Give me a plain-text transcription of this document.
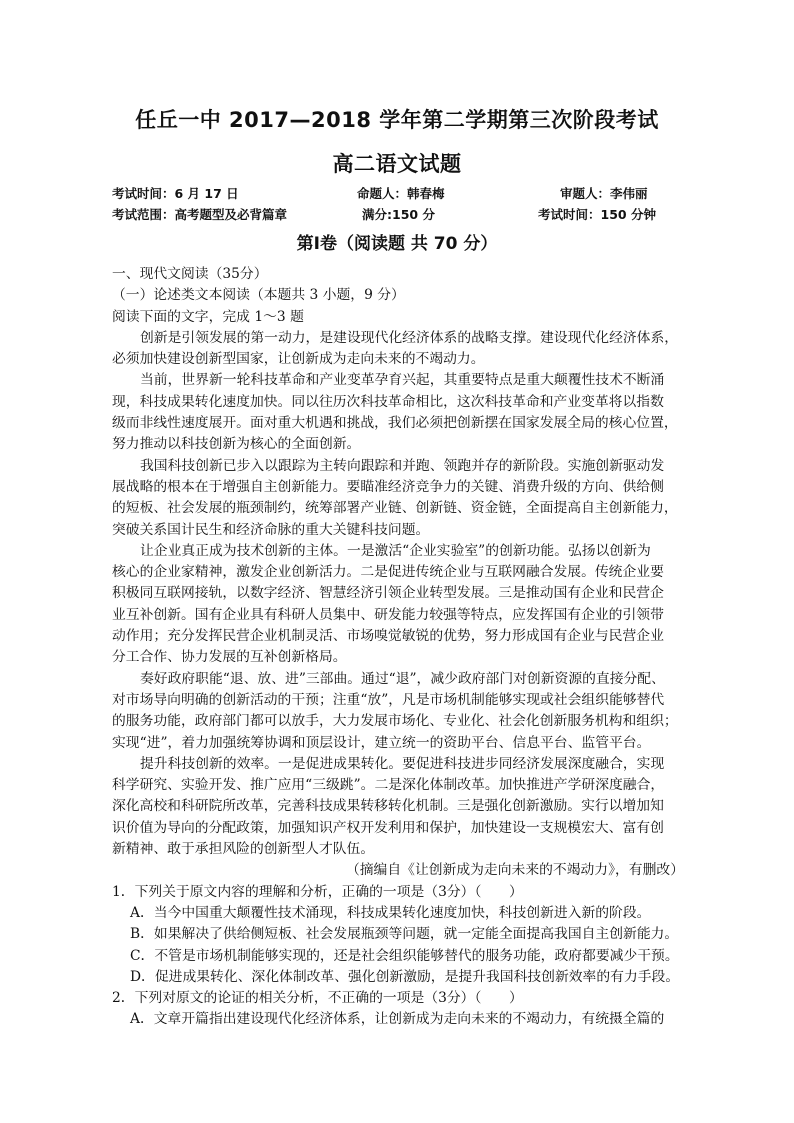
任丘一中 2017—2018 学年第二学期第三次阶段考试
高二语文试题
考试时间：6 月 17 日	命题人：韩春梅	审题人：李伟丽
考试范围：高考题型及必背篇章	满分:150 分	考试时间：150 分钟
第Ⅰ卷（阅读题 共 70 分）
一、现代文阅读（35分）
（一）论述类文本阅读（本题共 3 小题，9 分）
阅读下面的文字，完成 1～3 题
创新是引领发展的第一动力，是建设现代化经济体系的战略支撑。建设现代化经济体系，
必须加快建设创新型国家，让创新成为走向未来的不竭动力。
当前，世界新一轮科技革命和产业变革孕育兴起，其重要特点是重大颠覆性技术不断涌
现，科技成果转化速度加快。同以往历次科技革命相比，这次科技革命和产业变革将以指数
级而非线性速度展开。面对重大机遇和挑战，我们必须把创新摆在国家发展全局的核心位置，
努力推动以科技创新为核心的全面创新。
我国科技创新已步入以跟踪为主转向跟踪和并跑、领跑并存的新阶段。实施创新驱动发
展战略的根本在于增强自主创新能力。要瞄准经济竞争力的关键、消费升级的方向、供给侧
的短板、社会发展的瓶颈制约，统筹部署产业链、创新链、资金链，全面提高自主创新能力，
突破关系国计民生和经济命脉的重大关键科技问题。
让企业真正成为技术创新的主体。一是激活“企业实验室”的创新功能。弘扬以创新为
核心的企业家精神，激发企业创新活力。二是促进传统企业与互联网融合发展。传统企业要
积极同互联网接轨，以数字经济、智慧经济引领企业转型发展。三是推动国有企业和民营企
业互补创新。国有企业具有科研人员集中、研发能力较强等特点，应发挥国有企业的引领带
动作用；充分发挥民营企业机制灵活、市场嗅觉敏锐的优势，努力形成国有企业与民营企业
分工合作、协力发展的互补创新格局。
奏好政府职能“退、放、进”三部曲。通过“退”，减少政府部门对创新资源的直接分配、
对市场导向明确的创新活动的干预；注重“放”，凡是市场机制能够实现或社会组织能够替代
的服务功能，政府部门都可以放手，大力发展市场化、专业化、社会化创新服务机构和组织；
实现“进”，着力加强统筹协调和顶层设计，建立统一的资助平台、信息平台、监管平台。
提升科技创新的效率。一是促进成果转化。要促进科技进步同经济发展深度融合，实现
科学研究、实验开发、推广应用“三级跳”。二是深化体制改革。加快推进产学研深度融合，
深化高校和科研院所改革，完善科技成果转移转化机制。三是强化创新激励。实行以增加知
识价值为导向的分配政策，加强知识产权开发利用和保护，加快建设一支规模宏大、富有创
新精神、敢于承担风险的创新型人才队伍。
（摘编自《让创新成为走向未来的不竭动力》，有删改）
1．下列关于原文内容的理解和分析，正确的一项是（3分）（　　）
A．当今中国重大颠覆性技术涌现，科技成果转化速度加快，科技创新进入新的阶段。
B．如果解决了供给侧短板、社会发展瓶颈等问题，就一定能全面提高我国自主创新能力。
C．不管是市场机制能够实现的，还是社会组织能够替代的服务功能，政府都要减少干预。
D．促进成果转化、深化体制改革、强化创新激励，是提升我国科技创新效率的有力手段。
2．下列对原文的论证的相关分析，不正确的一项是（3分）（　　）
A．文章开篇指出建设现代化经济体系，让创新成为走向未来的不竭动力，有统摄全篇的
